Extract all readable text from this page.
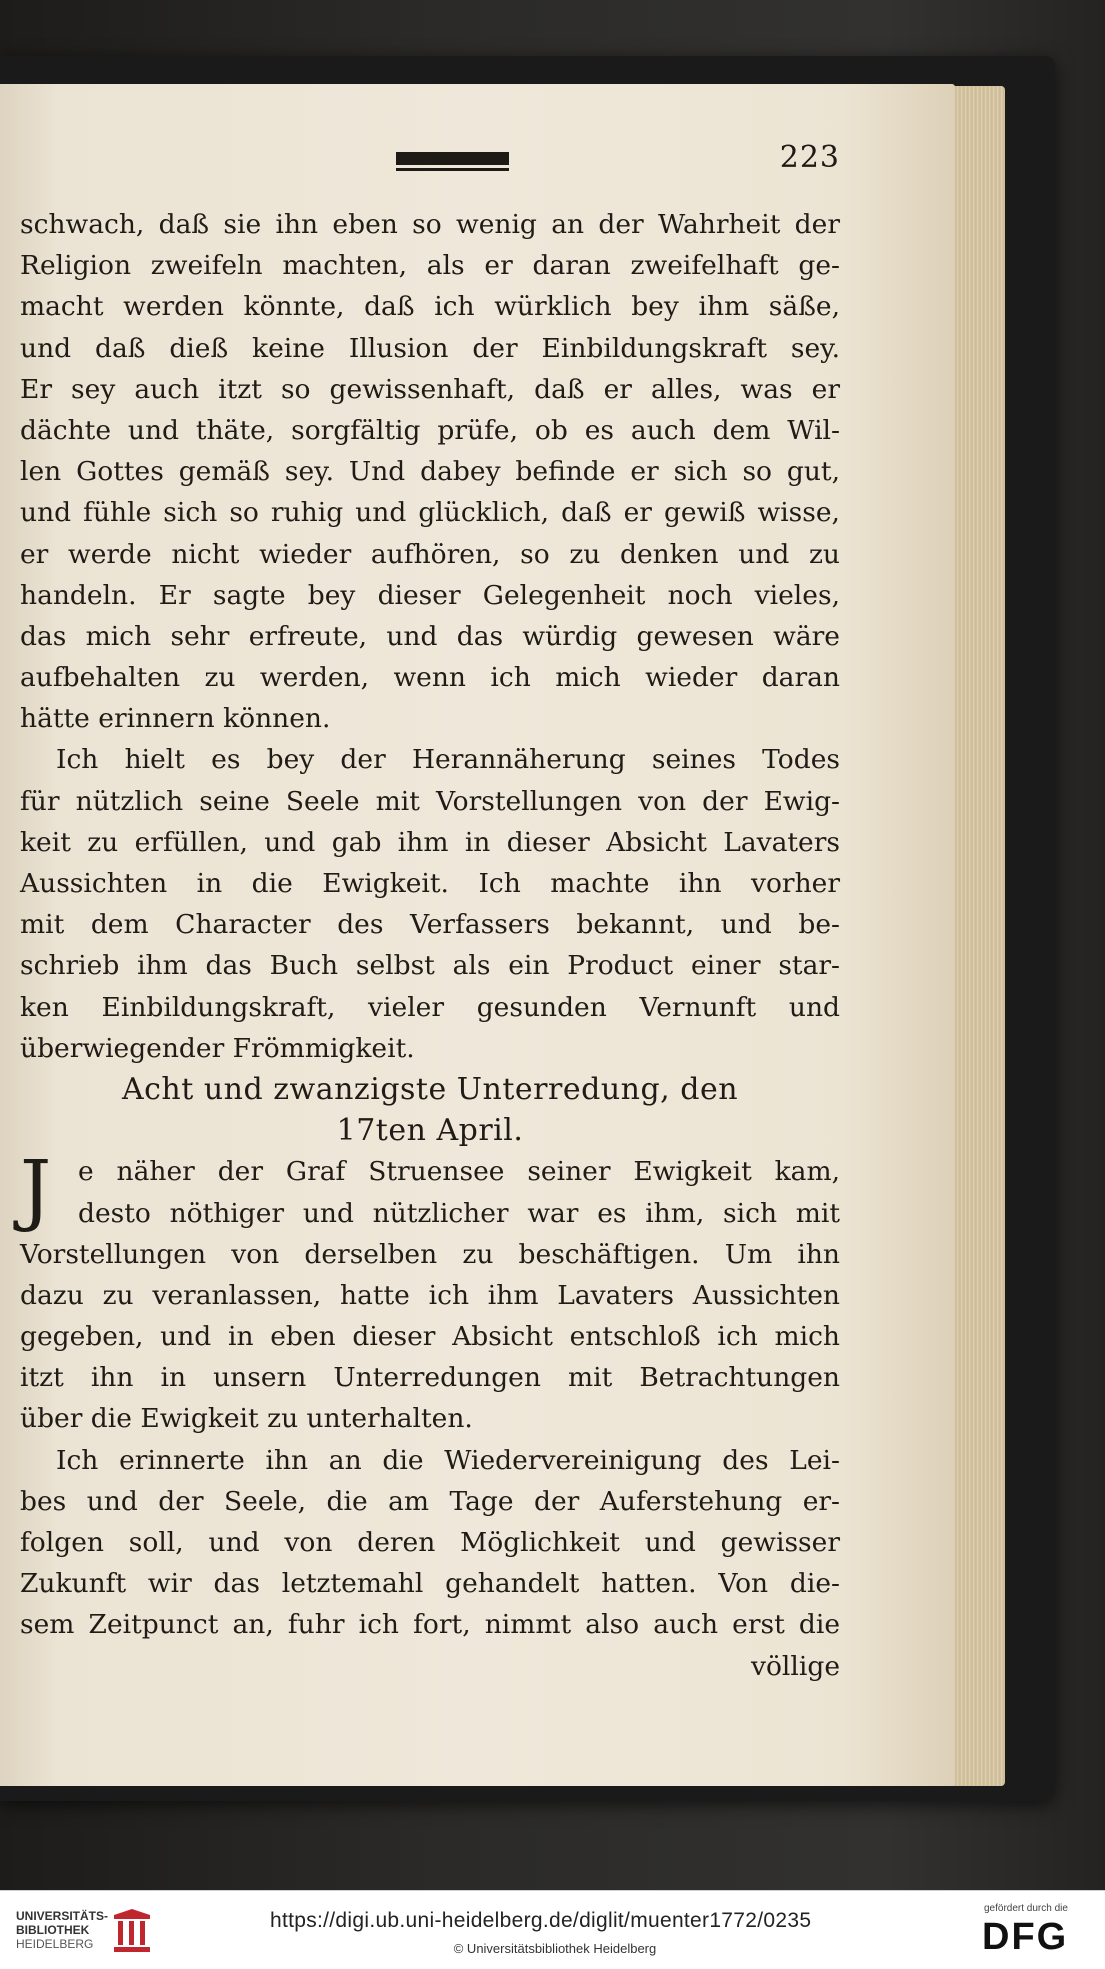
223
schwach, daß sie ihn eben so wenig an der Wahrheit der
Religion zweifeln machten, als er daran zweifelhaft ge-
macht werden könnte, daß ich würklich bey ihm säße,
und daß dieß keine Illusion der Einbildungskraft sey.
Er sey auch itzt so gewissenhaft, daß er alles, was er
dächte und thäte, sorgfältig prüfe, ob es auch dem Wil-
len Gottes gemäß sey. Und dabey befinde er sich so gut,
und fühle sich so ruhig und glücklich, daß er gewiß wisse,
er werde nicht wieder aufhören, so zu denken und zu
handeln. Er sagte bey dieser Gelegenheit noch vieles,
das mich sehr erfreute, und das würdig gewesen wäre
aufbehalten zu werden, wenn ich mich wieder daran
hätte erinnern können.
Ich hielt es bey der Herannäherung seines Todes
für nützlich seine Seele mit Vorstellungen von der Ewig-
keit zu erfüllen, und gab ihm in dieser Absicht Lavaters
Aussichten in die Ewigkeit. Ich machte ihn vorher
mit dem Character des Verfassers bekannt, und be-
schrieb ihm das Buch selbst als ein Product einer star-
ken Einbildungskraft, vieler gesunden Vernunft und
überwiegender Frömmigkeit.
Acht und zwanzigste Unterredung, den
17ten April.
J	e näher der Graf Struensee seiner Ewigkeit kam,
desto nöthiger und nützlicher war es ihm, sich mit
Vorstellungen von derselben zu beschäftigen. Um ihn
dazu zu veranlassen, hatte ich ihm Lavaters Aussichten
gegeben, und in eben dieser Absicht entschloß ich mich
itzt ihn in unsern Unterredungen mit Betrachtungen
über die Ewigkeit zu unterhalten.
Ich erinnerte ihn an die Wiedervereinigung des Lei-
bes und der Seele, die am Tage der Auferstehung er-
folgen soll, und von deren Möglichkeit und gewisser
Zukunft wir das letztemahl gehandelt hatten. Von die-
sem Zeitpunct an, fuhr ich fort, nimmt also auch erst die
völlige
UNIVERSITÄTS-
BIBLIOTHEK
HEIDELBERG
https://digi.ub.uni-heidelberg.de/diglit/muenter1772/0235
© Universitätsbibliothek Heidelberg
gefördert durch die
DFG
